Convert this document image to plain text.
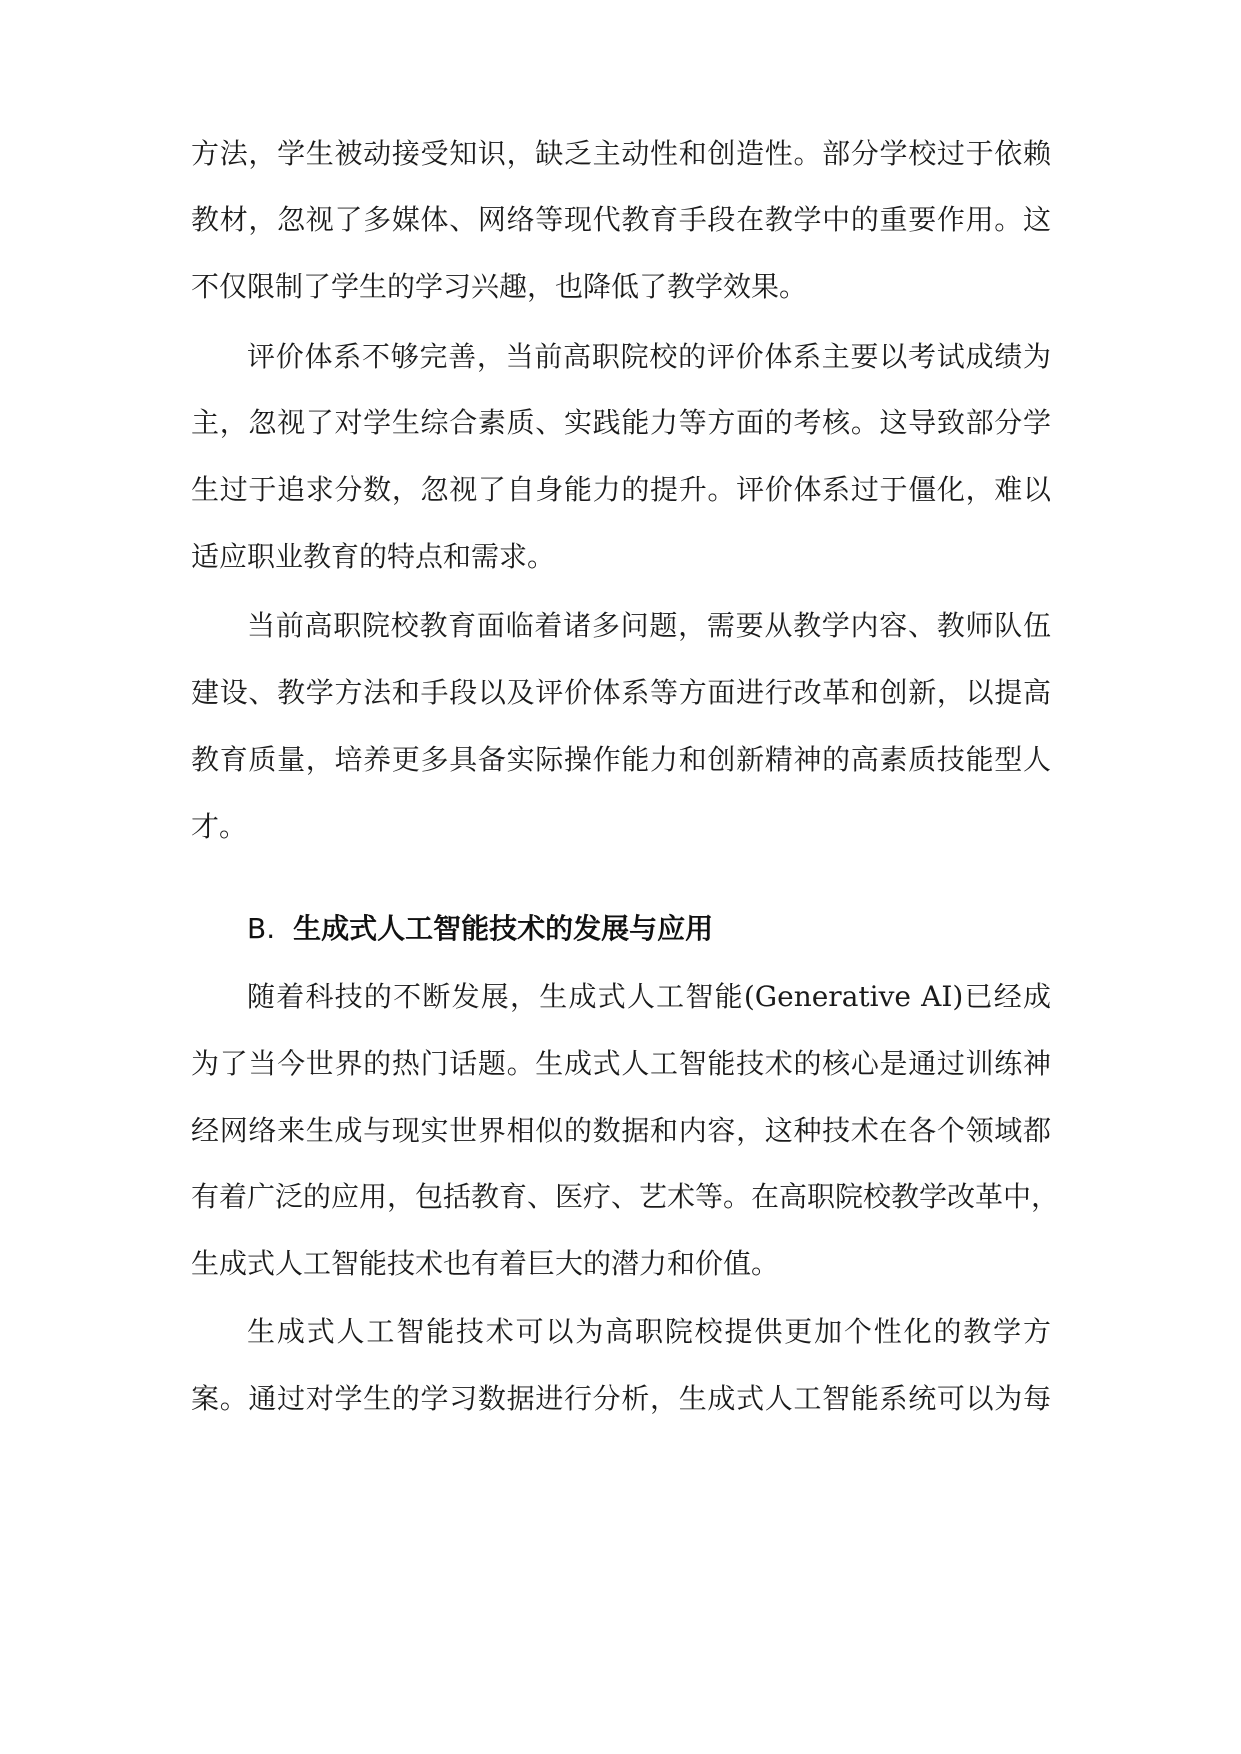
方法，学生被动接受知识，缺乏主动性和创造性。部分学校过于依赖
教材，忽视了多媒体、网络等现代教育手段在教学中的重要作用。这
不仅限制了学生的学习兴趣，也降低了教学效果。
评价体系不够完善，当前高职院校的评价体系主要以考试成绩为
主，忽视了对学生综合素质、实践能力等方面的考核。这导致部分学
生过于追求分数，忽视了自身能力的提升。评价体系过于僵化，难以
适应职业教育的特点和需求。
当前高职院校教育面临着诸多问题，需要从教学内容、教师队伍
建设、教学方法和手段以及评价体系等方面进行改革和创新，以提高
教育质量，培养更多具备实际操作能力和创新精神的高素质技能型人
才。
B. 生成式人工智能技术的发展与应用
随着科技的不断发展，生成式人工智能(Generative AI)已经成
为了当今世界的热门话题。生成式人工智能技术的核心是通过训练神
经网络来生成与现实世界相似的数据和内容，这种技术在各个领域都
有着广泛的应用，包括教育、医疗、艺术等。在高职院校教学改革中，
生成式人工智能技术也有着巨大的潜力和价值。
生成式人工智能技术可以为高职院校提供更加个性化的教学方
案。通过对学生的学习数据进行分析，生成式人工智能系统可以为每
